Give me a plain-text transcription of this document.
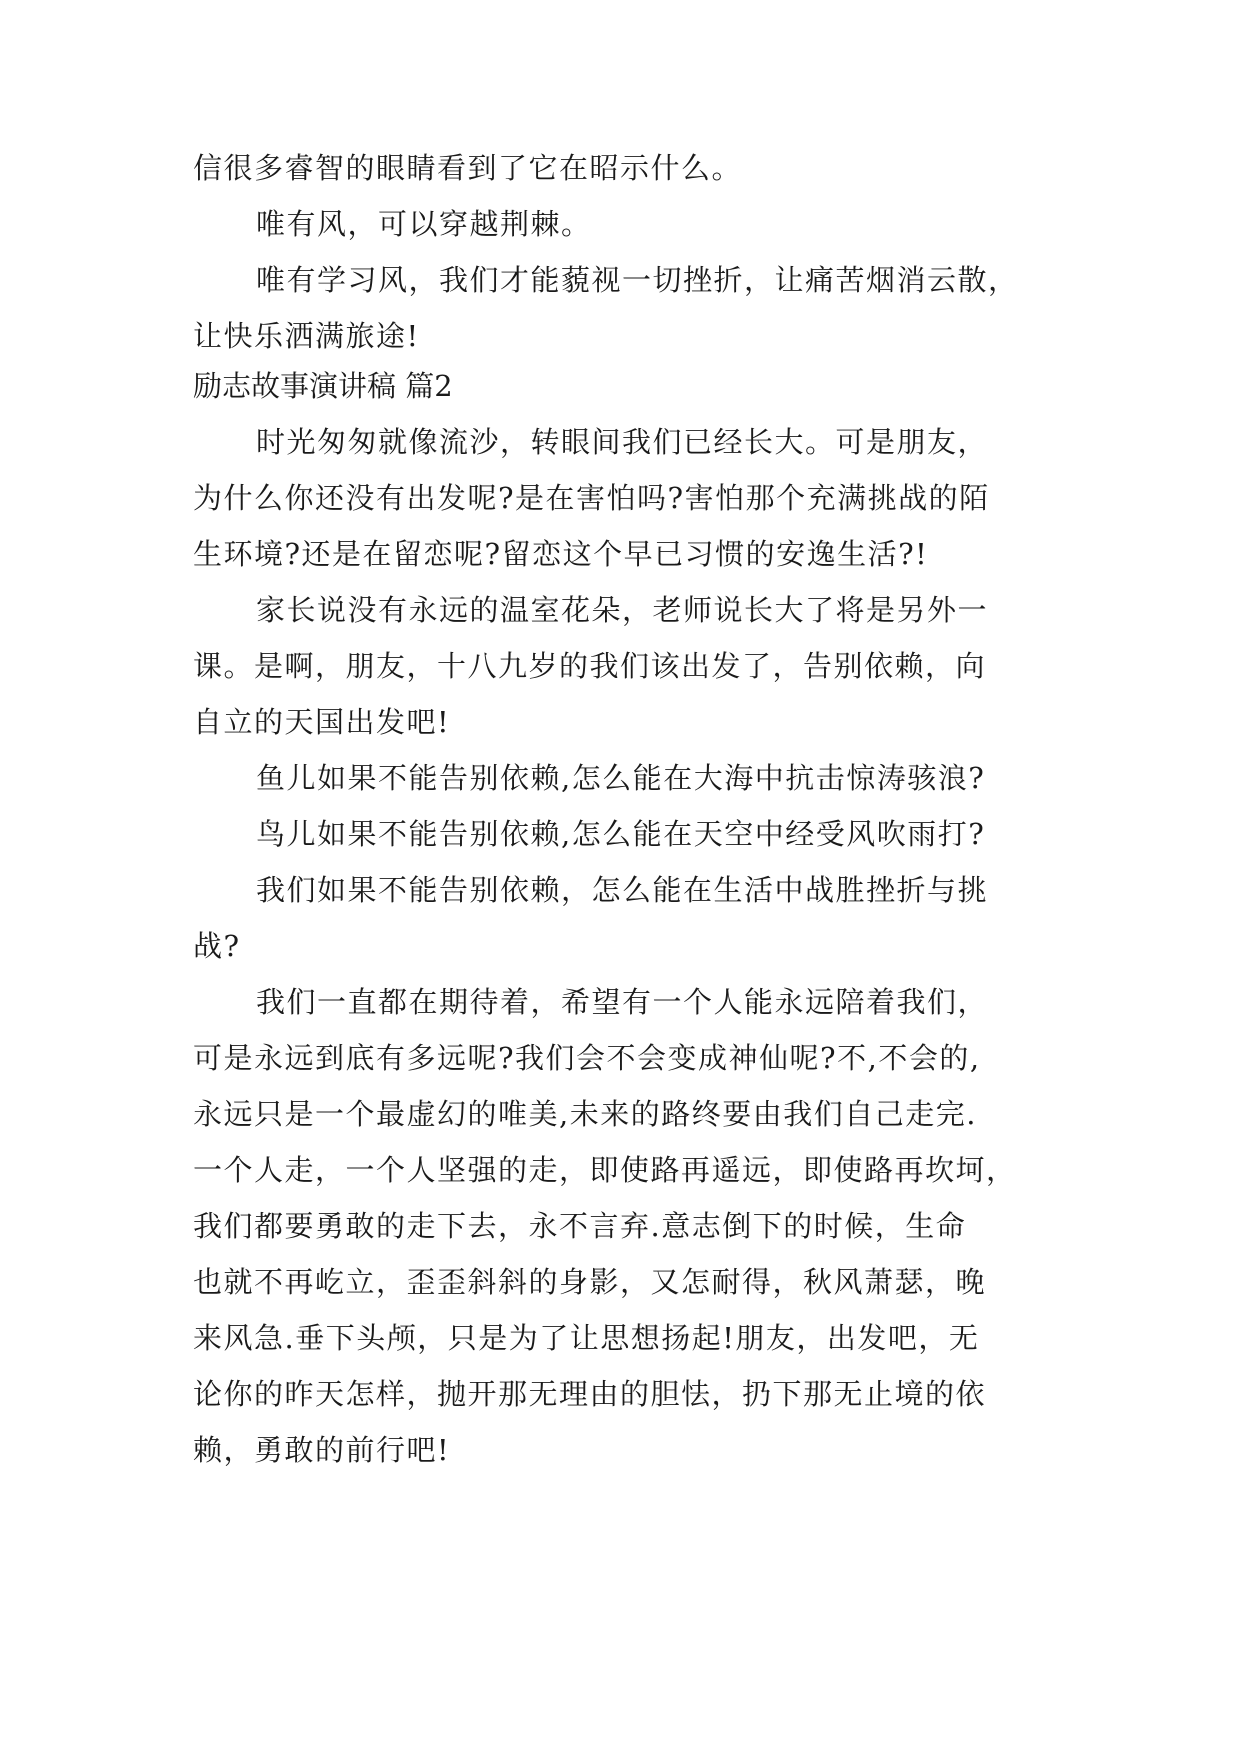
信很多睿智的眼睛看到了它在昭示什么。
唯有风，可以穿越荆棘。
唯有学习风，我们才能藐视一切挫折，让痛苦烟消云散，
让快乐洒满旅途!
励志故事演讲稿 篇2
时光匆匆就像流沙，转眼间我们已经长大。可是朋友，
为什么你还没有出发呢?是在害怕吗?害怕那个充满挑战的陌
生环境?还是在留恋呢?留恋这个早已习惯的安逸生活?!
家长说没有永远的温室花朵，老师说长大了将是另外一
课。是啊，朋友，十八九岁的我们该出发了，告别依赖，向
自立的天国出发吧!
鱼儿如果不能告别依赖,怎么能在大海中抗击惊涛骇浪?
鸟儿如果不能告别依赖,怎么能在天空中经受风吹雨打?
我们如果不能告别依赖，怎么能在生活中战胜挫折与挑
战?
我们一直都在期待着，希望有一个人能永远陪着我们，
可是永远到底有多远呢?我们会不会变成神仙呢?不,不会的,
永远只是一个最虚幻的唯美,未来的路终要由我们自己走完.
一个人走，一个人坚强的走，即使路再遥远，即使路再坎坷，
我们都要勇敢的走下去，永不言弃.意志倒下的时候，生命
也就不再屹立，歪歪斜斜的身影，又怎耐得，秋风萧瑟，晚
来风急.垂下头颅，只是为了让思想扬起!朋友，出发吧，无
论你的昨天怎样，抛开那无理由的胆怯，扔下那无止境的依
赖，勇敢的前行吧!
